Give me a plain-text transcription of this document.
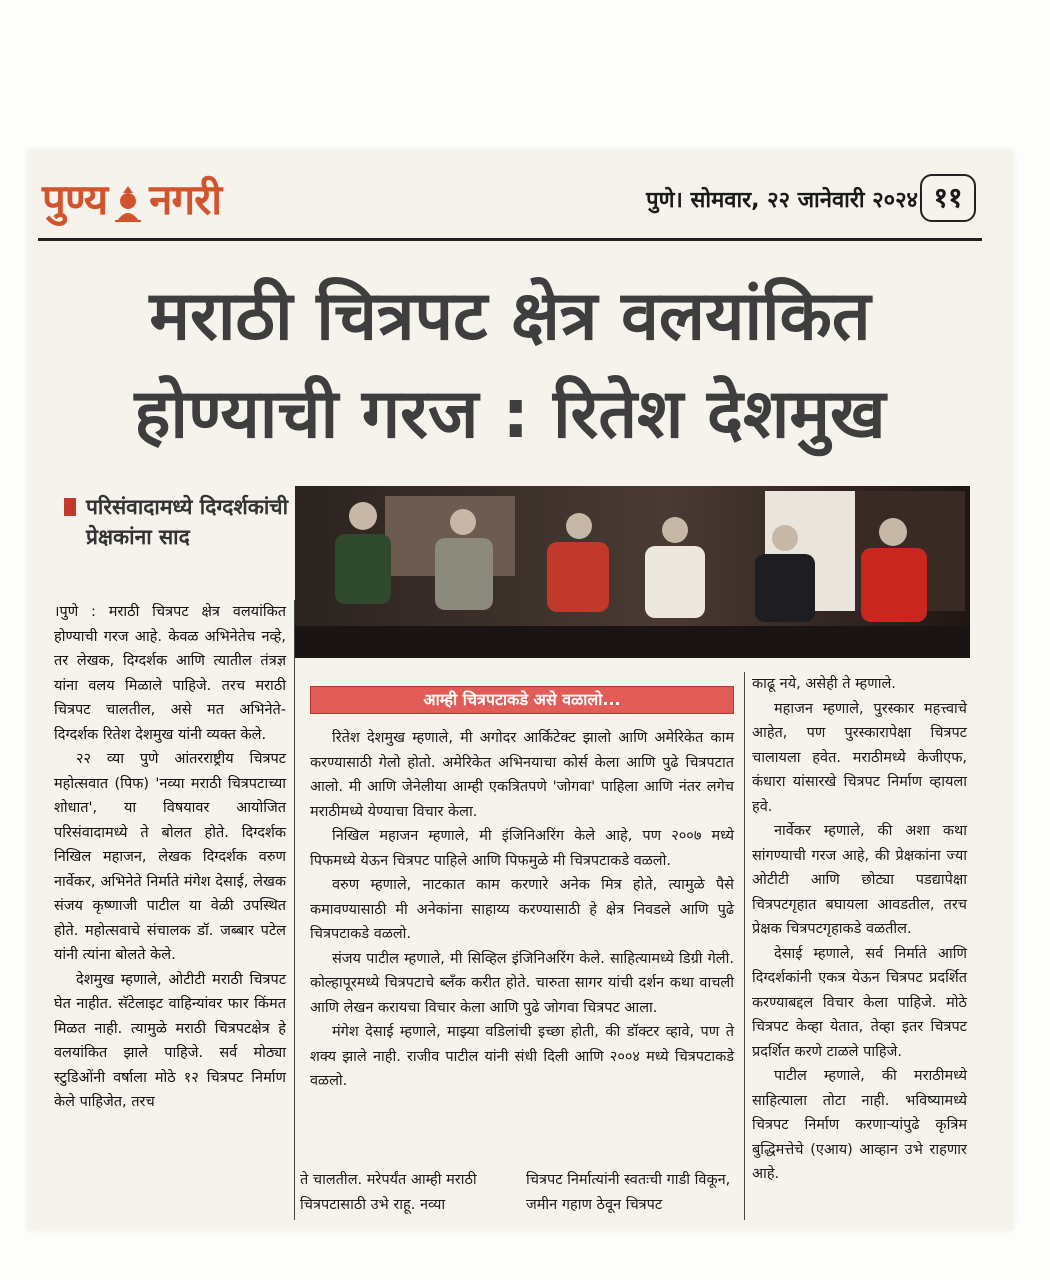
पुण्य नगरी	पुणे। सोमवार, २२ जानेवारी २०२४ ११
मराठी चित्रपट क्षेत्र वलयांकित
होण्याची गरज : रितेश देशमुख
परिसंवादामध्ये दिग्दर्शकांची प्रेक्षकांना साद

।पुणे : मराठी चित्रपट क्षेत्र वलयांकित होण्याची गरज आहे. केवळ अभिनेतेच नव्हे, तर लेखक, दिग्दर्शक आणि त्यातील तंत्रज्ञ यांना वलय मिळाले पाहिजे. तरच मराठी चित्रपट चालतील, असे मत अभिनेते-दिग्दर्शक रितेश देशमुख यांनी व्यक्त केले.

२२ व्या पुणे आंतरराष्ट्रीय चित्रपट महोत्सवात (पिफ) 'नव्या मराठी चित्रपटाच्या शोधात', या विषयावर आयोजित परिसंवादामध्ये ते बोलत होते. दिग्दर्शक निखिल महाजन, लेखक दिग्दर्शक वरुण नार्वेकर, अभिनेते निर्माते मंगेश देसाई, लेखक संजय कृष्णाजी पाटील या वेळी उपस्थित होते. महोत्सवाचे संचालक डॉ. जब्बार पटेल यांनी त्यांना बोलते केले.

देशमुख म्हणाले, ओटीटी मराठी चित्रपट घेत नाहीत. सॅटेलाइट वाहिन्यांवर फार किंमत मिळत नाही. त्यामुळे मराठी चित्रपटक्षेत्र हे वलयांकित झाले पाहिजे. सर्व मोठ्या स्टुडिओंनी वर्षाला मोठे १२ चित्रपट निर्माण केले पाहिजेत, तरच

आम्ही चित्रपटाकडे असे वळालो...

रितेश देशमुख म्हणाले, मी अगोदर आर्किटेक्ट झालो आणि अमेरिकेत काम करण्यासाठी गेलो होतो. अमेरिकेत अभिनयाचा कोर्स केला आणि पुढे चित्रपटात आलो. मी आणि जेनेलीया आम्ही एकत्रितपणे 'जोगवा' पाहिला आणि नंतर लगेच मराठीमध्ये येण्याचा विचार केला.

निखिल महाजन म्हणाले, मी इंजिनिअरिंग केले आहे, पण २००७ मध्ये पिफमध्ये येऊन चित्रपट पाहिले आणि पिफमुळे मी चित्रपटाकडे वळलो.

वरुण म्हणाले, नाटकात काम करणारे अनेक मित्र होते, त्यामुळे पैसे कमावण्यासाठी मी अनेकांना साहाय्य करण्यासाठी हे क्षेत्र निवडले आणि पुढे चित्रपटाकडे वळलो.

संजय पाटील म्हणाले, मी सिव्हिल इंजिनिअरिंग केले. साहित्यामध्ये डिग्री गेली. कोल्हापूरमध्ये चित्रपटाचे ब्लँक करीत होते. चारुता सागर यांची दर्शन कथा वाचली आणि लेखन करायचा विचार केला आणि पुढे जोगवा चित्रपट आला.

मंगेश देसाई म्हणाले, माझ्या वडिलांची इच्छा होती, की डॉक्टर व्हावे, पण ते शक्य झाले नाही. राजीव पाटील यांनी संधी दिली आणि २००४ मध्ये चित्रपटाकडे वळलो.

ते चालतील. मरेपर्यंत आम्ही मराठी चित्रपटासाठी उभे राहू. नव्या
चित्रपट निर्मात्यांनी स्वतःची गाडी विकून, जमीन गहाण ठेवून चित्रपट

काढू नये, असेही ते म्हणाले.

महाजन म्हणाले, पुरस्कार महत्त्वाचे आहेत, पण पुरस्कारापेक्षा चित्रपट चालायला हवेत. मराठीमध्ये केजीएफ, कंधारा यांसारखे चित्रपट निर्माण व्हायला हवे.

नार्वेकर म्हणाले, की अशा कथा सांगण्याची गरज आहे, की प्रेक्षकांना ज्या ओटीटी आणि छोट्या पडद्यापेक्षा चित्रपटगृहात बघायला आवडतील, तरच प्रेक्षक चित्रपटगृहाकडे वळतील.

देसाई म्हणाले, सर्व निर्माते आणि दिग्दर्शकांनी एकत्र येऊन चित्रपट प्रदर्शित करण्याबद्दल विचार केला पाहिजे. मोठे चित्रपट केव्हा येतात, तेव्हा इतर चित्रपट प्रदर्शित करणे टाळले पाहिजे.

पाटील म्हणाले, की मराठीमध्ये साहित्याला तोटा नाही. भविष्यामध्ये चित्रपट निर्माण करणाऱ्यांपुढे कृत्रिम बुद्धिमत्तेचे (एआय) आव्हान उभे राहणार आहे.
